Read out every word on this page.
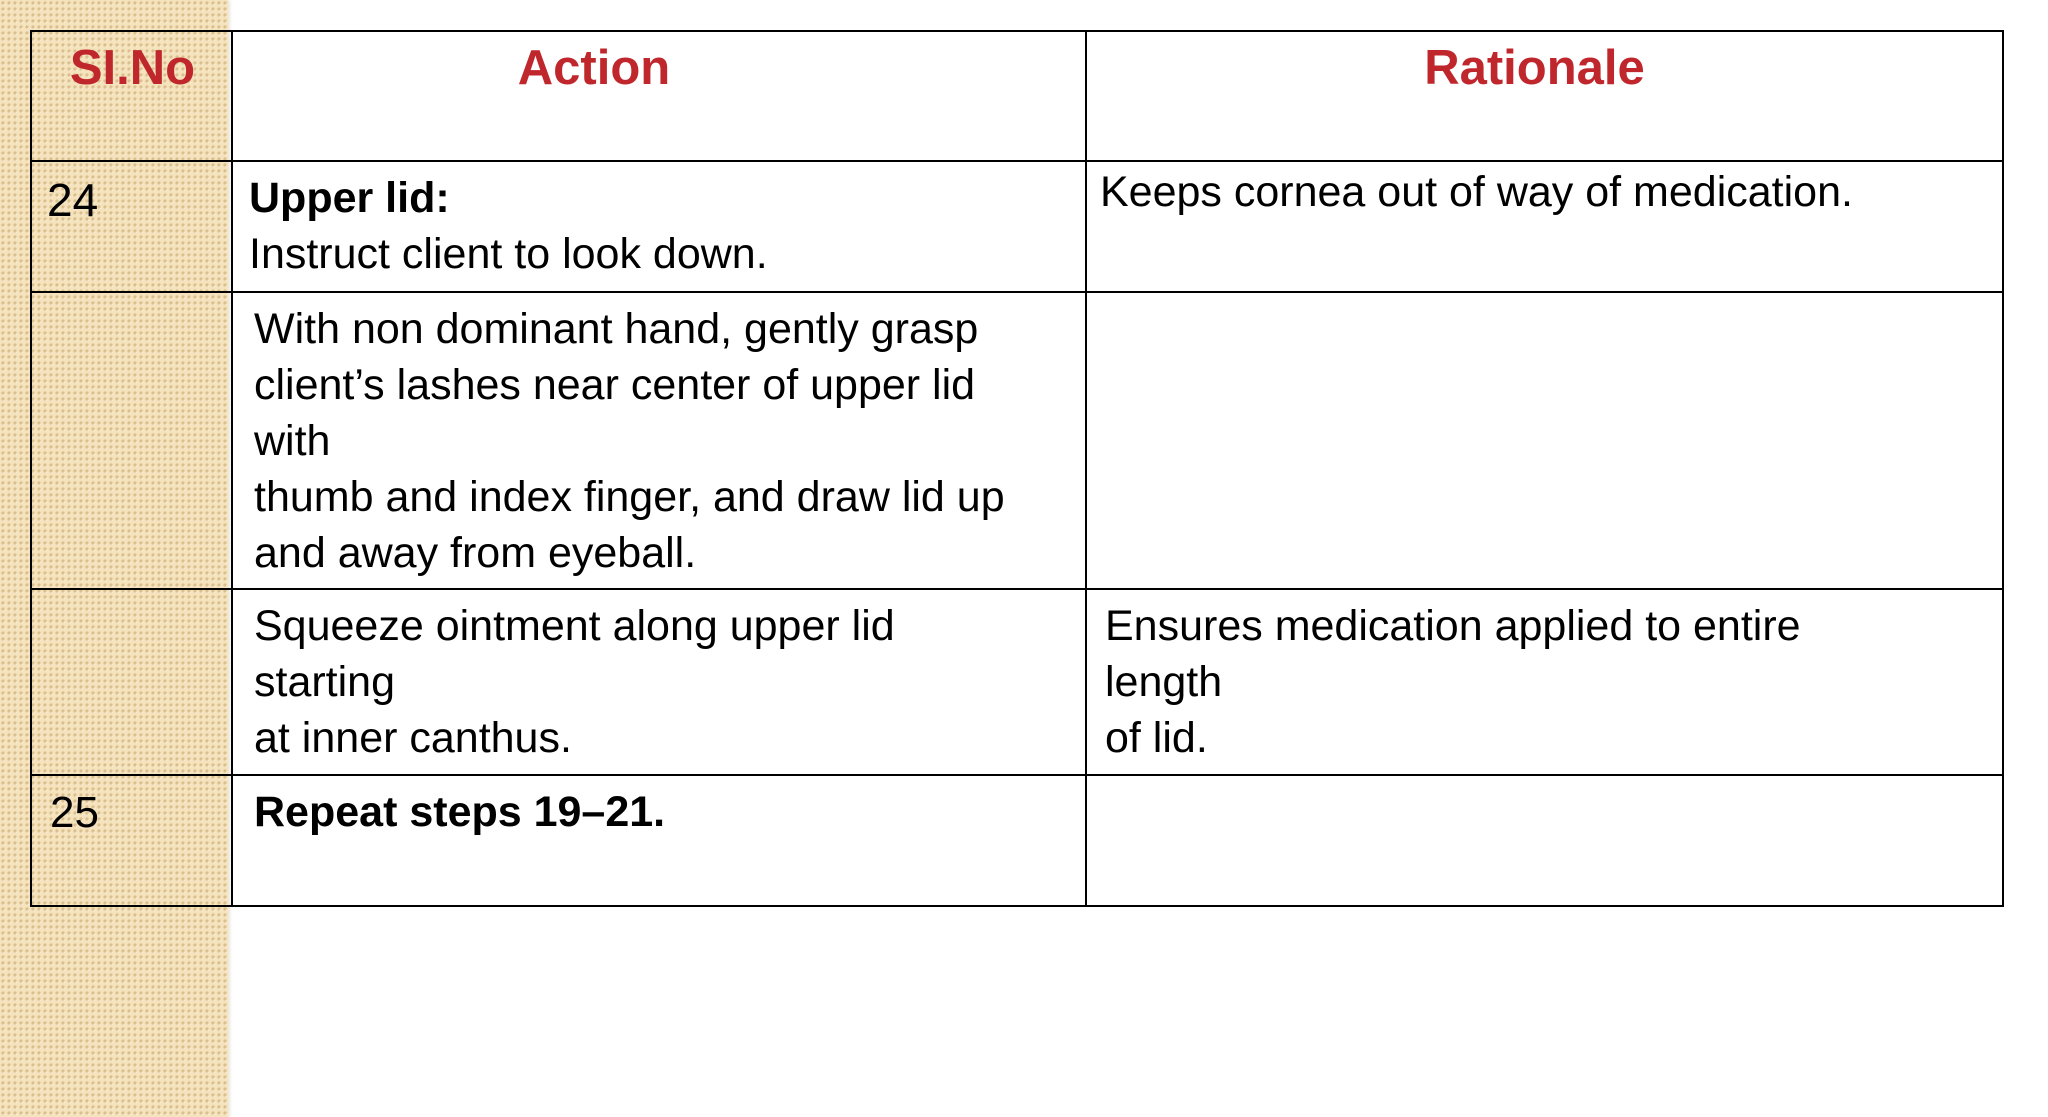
SI.No	Action	Rationale

24	Upper lid:
Instruct client to look down.	Keeps cornea out of way of medication.

	With non dominant hand, gently grasp
client’s lashes near center of upper lid
with
thumb and index finger, and draw lid up
and away from eyeball.	

	Squeeze ointment along upper lid
starting
at inner canthus.	Ensures medication applied to entire
length
of lid.

25	Repeat steps 19–21.	
